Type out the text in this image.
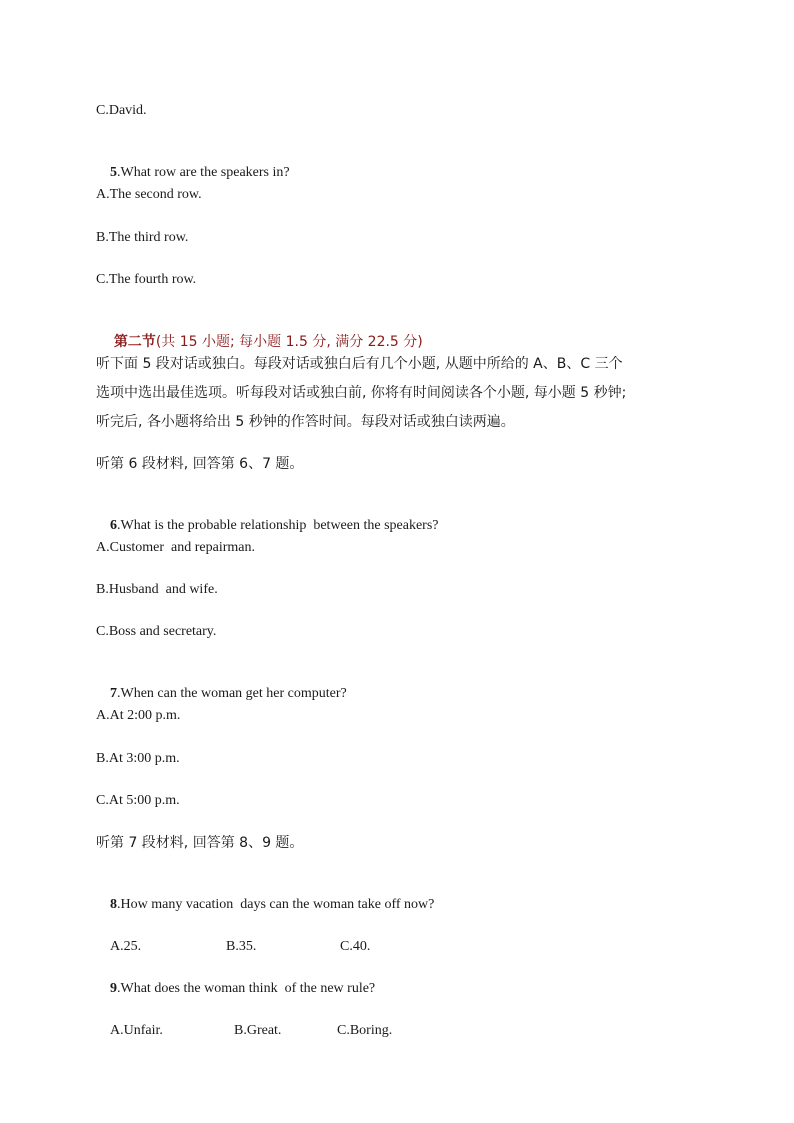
C.David.

5.What row are the speakers in?

A.The second row.
B.The third row.
C.The fourth row.

第二节(共 15 小题; 每小题 1.5 分, 满分 22.5 分)

听下面 5 段对话或独白。每段对话或独白后有几个小题, 从题中所给的 A、B、C 三个
选项中选出最佳选项。听每段对话或独白前, 你将有时间阅读各个小题, 每小题 5 秒钟;
听完后, 各小题将给出 5 秒钟的作答时间。每段对话或独白读两遍。
听第 6 段材料, 回答第 6、7 题。

6.What is the probable relationship  between the speakers?

A.Customer  and repairman.
B.Husband  and wife.
C.Boss and secretary.

7.When can the woman get her computer?

A.At 2:00 p.m.
B.At 3:00 p.m.
C.At 5:00 p.m.
听第 7 段材料, 回答第 8、9 题。

8.How many vacation  days can the woman take off now?

A.25.	B.35.	C.40.

9.What does the woman think  of the new rule?

A.Unfair.	B.Great.	C.Boring.
